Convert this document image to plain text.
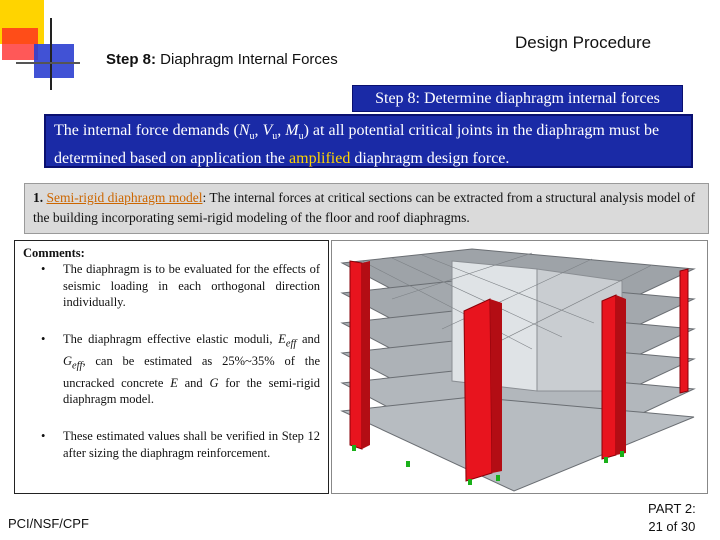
Step 8: Diaphragm Internal Forces
Design Procedure
Step 8: Determine diaphragm internal forces
The internal force demands ($N_u$, $V_u$, $M_u$) at all potential critical joints in the diaphragm must be determined based on application the amplified diaphragm design force.
1. Semi-rigid diaphragm model: The internal forces at critical sections can be extracted from a structural analysis model of the building incorporating semi-rigid modeling of the floor and roof diaphragms.
Comments:
• The diaphragm is to be evaluated for the effects of seismic loading in each orthogonal direction individually.
• The diaphragm effective elastic moduli, $E_{eff}$ and $G_{eff}$, can be estimated as 25%~35% of the uncracked concrete E and G for the semi-rigid diaphragm model.
• These estimated values shall be verified in Step 12 after sizing the diaphragm reinforcement.
PCI/NSF/CPF
PART 2:
21 of 30
